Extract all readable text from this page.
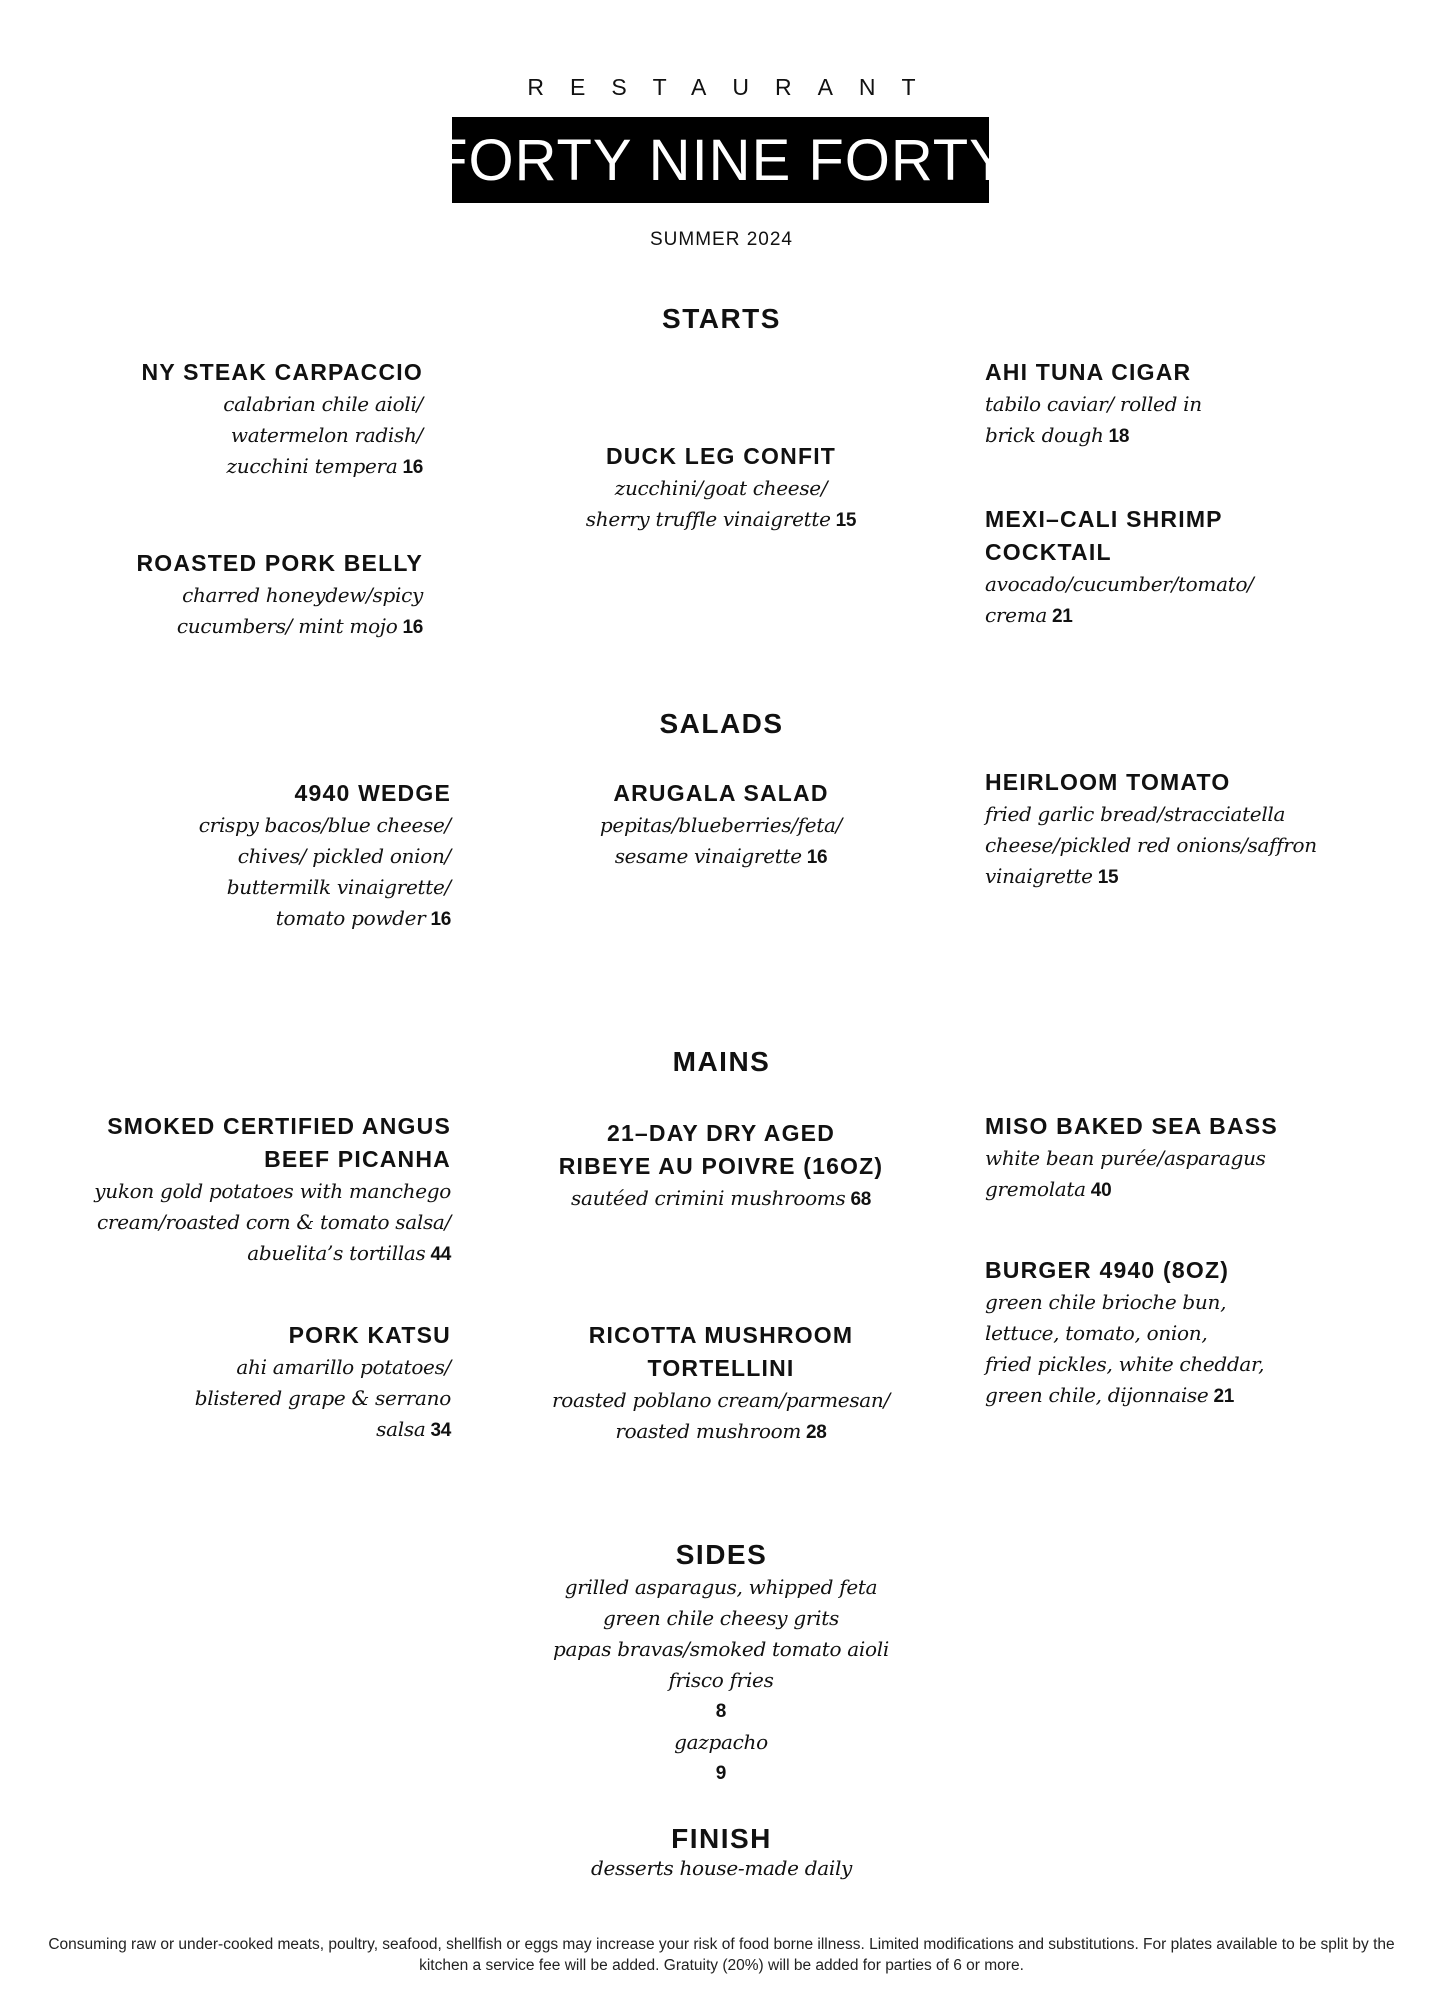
RESTAURANT
FORTY NINE FORTY
SUMMER 2024
STARTS
NY STEAK CARPACCIO
calabrian chile aioli/
watermelon radish/
zucchini tempera 16
ROASTED PORK BELLY
charred honeydew/spicy
cucumbers/ mint mojo 16
DUCK LEG CONFIT
zucchini/goat cheese/
sherry truffle vinaigrette 15
AHI TUNA CIGAR
tabilo caviar/ rolled in
brick dough 18
MEXI–CALI SHRIMP
COCKTAIL
avocado/cucumber/tomato/
crema 21
SALADS
4940 WEDGE
crispy bacos/blue cheese/
chives/ pickled onion/
buttermilk vinaigrette/
tomato powder 16
ARUGALA SALAD
pepitas/blueberries/feta/
sesame vinaigrette 16
HEIRLOOM TOMATO
fried garlic bread/stracciatella
cheese/pickled red onions/saffron
vinaigrette 15
MAINS
SMOKED CERTIFIED ANGUS
BEEF PICANHA
yukon gold potatoes with manchego
cream/roasted corn & tomato salsa/
abuelita’s tortillas 44
PORK KATSU
ahi amarillo potatoes/
blistered grape & serrano
salsa 34
21–DAY DRY AGED
RIBEYE AU POIVRE (16OZ)
sautéed crimini mushrooms 68
RICOTTA MUSHROOM
TORTELLINI
roasted poblano cream/parmesan/
roasted mushroom 28
MISO BAKED SEA BASS
white bean purée/asparagus
gremolata 40
BURGER 4940 (8OZ)
green chile brioche bun,
lettuce, tomato, onion,
fried pickles, white cheddar,
green chile, dijonnaise 21
SIDES
grilled asparagus, whipped feta
green chile cheesy grits
papas bravas/smoked tomato aioli
frisco fries
8
gazpacho
9
FINISH
desserts house-made daily
Consuming raw or under-cooked meats, poultry, seafood, shellfish or eggs may increase your risk of food borne illness. Limited modifications and substitutions. For plates available to be split by the kitchen a service fee will be added. Gratuity (20%) will be added for parties of 6 or more.
